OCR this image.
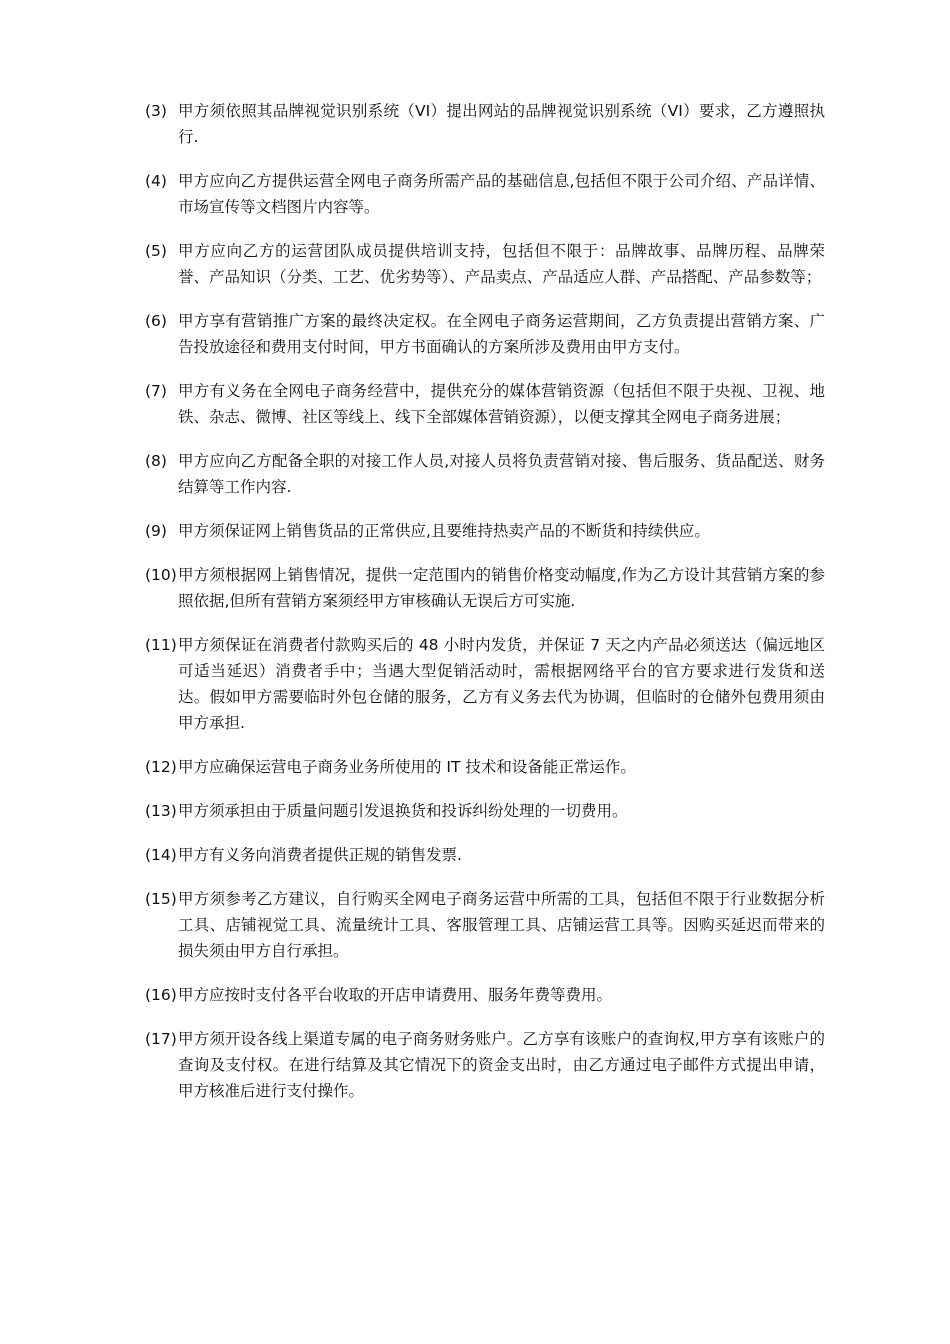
(3) 甲方须依照其品牌视觉识别系统（VI）提出网站的品牌视觉识别系统（VI）要求，乙方遵照执行.
(4) 甲方应向乙方提供运营全网电子商务所需产品的基础信息,包括但不限于公司介绍、产品详情、市场宣传等文档图片内容等。
(5) 甲方应向乙方的运营团队成员提供培训支持，包括但不限于：品牌故事、品牌历程、品牌荣誉、产品知识（分类、工艺、优劣势等）、产品卖点、产品适应人群、产品搭配、产品参数等；
(6) 甲方享有营销推广方案的最终决定权。在全网电子商务运营期间，乙方负责提出营销方案、广告投放途径和费用支付时间，甲方书面确认的方案所涉及费用由甲方支付。
(7) 甲方有义务在全网电子商务经营中，提供充分的媒体营销资源（包括但不限于央视、卫视、地铁、杂志、微博、社区等线上、线下全部媒体营销资源），以便支撑其全网电子商务进展；
(8) 甲方应向乙方配备全职的对接工作人员,对接人员将负责营销对接、售后服务、货品配送、财务结算等工作内容.
(9) 甲方须保证网上销售货品的正常供应,且要维持热卖产品的不断货和持续供应。
(10) 甲方须根据网上销售情况，提供一定范围内的销售价格变动幅度,作为乙方设计其营销方案的参照依据,但所有营销方案须经甲方审核确认无误后方可实施.
(11) 甲方须保证在消费者付款购买后的 48 小时内发货，并保证 7 天之内产品必须送达（偏远地区可适当延迟）消费者手中；当遇大型促销活动时，需根据网络平台的官方要求进行发货和送达。假如甲方需要临时外包仓储的服务，乙方有义务去代为协调，但临时的仓储外包费用须由甲方承担.
(12) 甲方应确保运营电子商务业务所使用的 IT 技术和设备能正常运作。
(13) 甲方须承担由于质量问题引发退换货和投诉纠纷处理的一切费用。
(14) 甲方有义务向消费者提供正规的销售发票.
(15) 甲方须参考乙方建议，自行购买全网电子商务运营中所需的工具，包括但不限于行业数据分析工具、店铺视觉工具、流量统计工具、客服管理工具、店铺运营工具等。因购买延迟而带来的损失须由甲方自行承担。
(16) 甲方应按时支付各平台收取的开店申请费用、服务年费等费用。
(17) 甲方须开设各线上渠道专属的电子商务财务账户。乙方享有该账户的查询权,甲方享有该账户的查询及支付权。在进行结算及其它情况下的资金支出时，由乙方通过电子邮件方式提出申请，甲方核准后进行支付操作。
